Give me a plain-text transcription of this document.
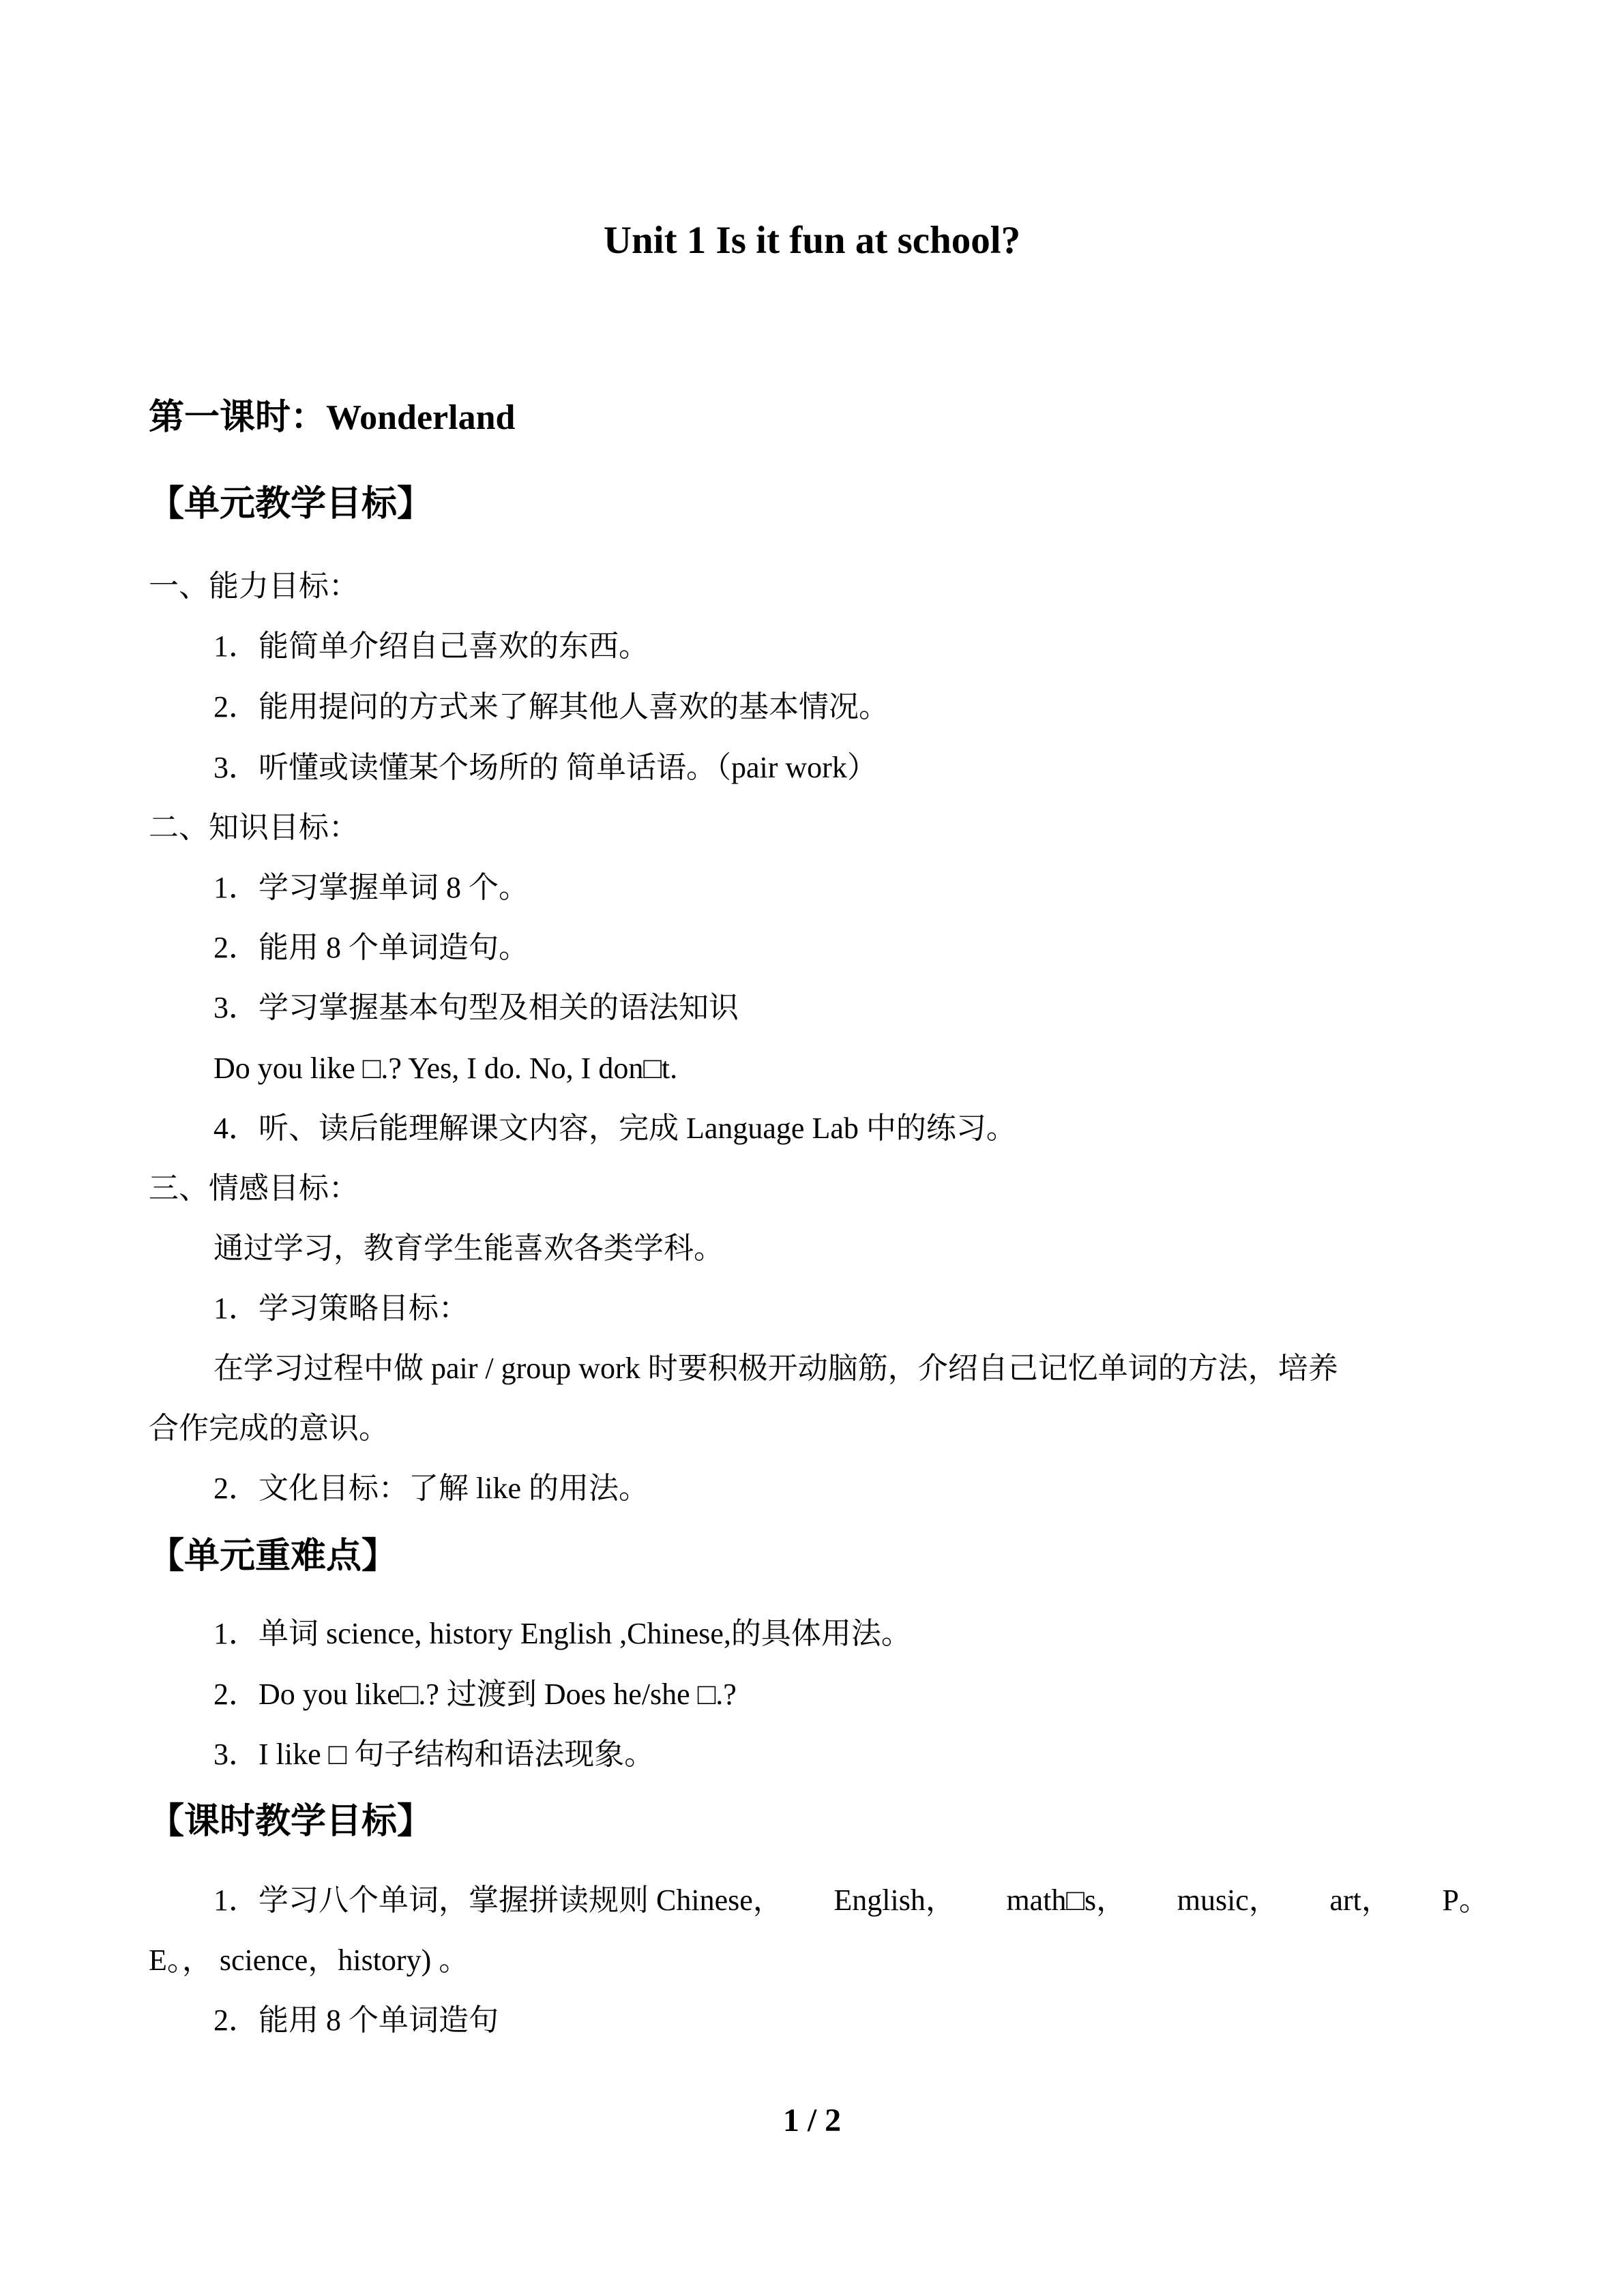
Unit 1 Is it fun at school?
第一课时：Wonderland
【单元教学目标】
一、能力目标：
1．能简单介绍自己喜欢的东西。
2．能用提问的方式来了解其他人喜欢的基本情况。
3．听懂或读懂某个场所的 简单话语。（pair work）
二、知识目标：
1．学习掌握单词 8 个。
2．能用 8 个单词造句。
3．学习掌握基本句型及相关的语法知识
Do you like □.? Yes, I do. No, I don□t.
4．听、读后能理解课文内容，完成 Language Lab 中的练习。
三、情感目标：
通过学习，教育学生能喜欢各类学科。
1．学习策略目标：
在学习过程中做 pair / group work 时要积极开动脑筋，介绍自己记忆单词的方法，培养
合作完成的意识。
2．文化目标：了解 like 的用法。
【单元重难点】
1．单词 science, history English ,Chinese,的具体用法。
2．Do you like□.? 过渡到 Does he/she □.?
3．I like □ 句子结构和语法现象。
【课时教学目标】
1．学习八个单词，掌握拼读规则 Chinese， English， math□s， music， art， P。
E。， science，history) 。
2．能用 8 个单词造句
1 / 2
